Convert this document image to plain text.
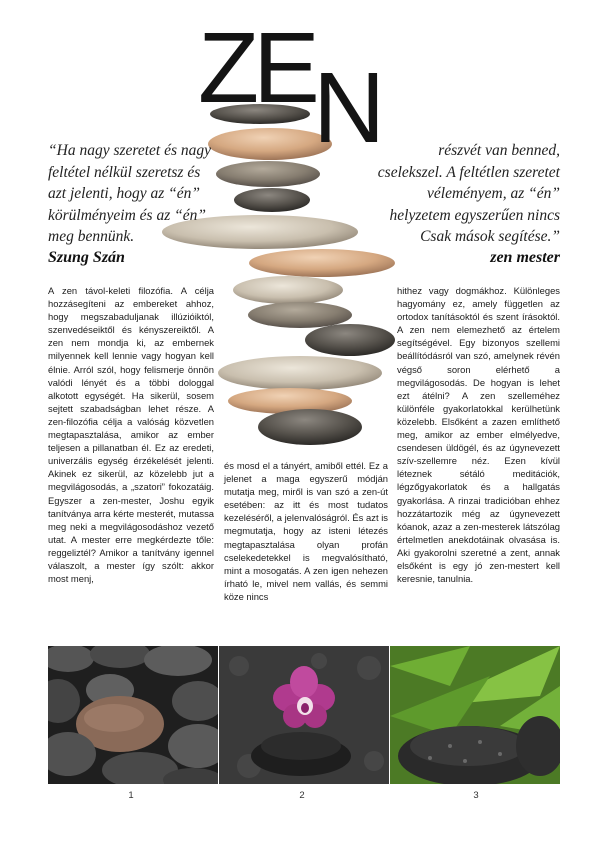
ZE N
“Ha nagy szeretet és nagy
feltétel nélkül szeretsz és
azt jelenti, hogy az “én”
körülményeim és az “én”
meg bennünk.
részvét van benned,
cselekszel. A feltétlen szeretet
véleményem, az “én”
helyzetem egyszerűen nincs
Csak mások segítése.”
Szung Szán	zen mester

A zen távol-keleti filozófia. A célja hozzásegíteni az embereket ahhoz, hogy megszabaduljanak illúzióiktól, szenvedéseiktől és kényszereiktől. A zen nem mondja ki, az embernek milyennek kell lennie vagy hogyan kell élnie. Arról szól, hogy felismerje önnön valódi lényét és a többi dologgal alkotott egységét. Ha sikerül, sosem sejtett szabadságban lehet része. A zen-filozófia célja a valóság közvetlen megtapasztalása, amikor az ember teljesen a pillanatban él. Ez az eredeti, univerzális egység érzékelését jelenti. Akinek ez sikerül, az közelebb jut a megvilágosodás, a „szatori” fokozatáig. Egyszer a zen-mester, Joshu egyik tanítványa arra kérte mesterét, mutassa meg neki a megvilágosodáshoz vezető utat. A mester erre megkérdezte tőle: reggeliztél? Amikor a tanítvány igennel válaszolt, a mester így szólt: akkor most menj,

és mosd el a tányért, amiből ettél. Ez a jelenet a maga egyszerű módján mutatja meg, miről is van szó a zen-út esetében: az itt és most tudatos kezeléséről, a jelenvalóságról. És azt is megmutatja, hogy az isteni létezés megtapasztalása olyan profán cselekedetekkel is megvalósítható, mint a mosogatás. A zen igen nehezen írható le, mivel nem vallás, és semmi köze nincs

hithez vagy dogmákhoz. Különleges hagyomány ez, amely független az ortodox tanításoktól és szent írásoktól. A zen nem elemezhető az értelem segítségével. Egy bizonyos szellemi beállítódásról van szó, amelynek révén végső soron elérhető a megvilágosodás. De hogyan is lehet ezt átélni? A zen szelleméhez különféle gyakorlatokkal kerülhetünk közelebb. Elsőként a zazen említhető meg, amikor az ember elmélyedve, csendesen üldögél, és az úgynevezett szív-szellemre néz. Ezen kívül léteznek sétáló meditációk, légzőgyakorlatok és a hallgatás gyakorlása. A rinzai tradicióban ehhez hozzátartozik még az úgynevezett kóanok, azaz a zen-mesterek látszólag értelmetlen anekdotáinak olvasása is. Aki gyakorolni szeretné a zent, annak elsőként is egy jó zen-mestert kell keresnie, tanulnia.

1	2	3
